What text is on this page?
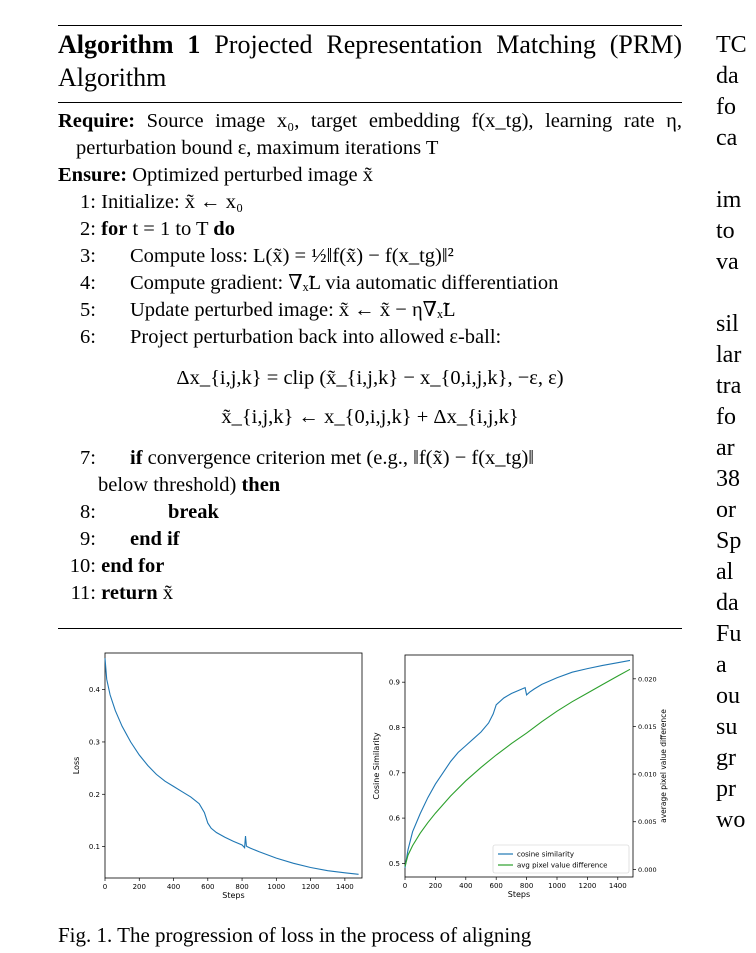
Algorithm 1 Projected Representation Matching (PRM) Algorithm
Require: Source image x₀, target embedding f(x_tg), learning rate η, perturbation bound ε, maximum iterations T
Ensure: Optimized perturbed image x̃
1: Initialize: x̃ ← x₀
2: for t = 1 to T do
3: Compute loss: L(x̃) = ½‖f(x̃) − f(x_tg)‖²
4: Compute gradient: ∇ₓ̃L via automatic differentiation
5: Update perturbed image: x̃ ← x̃ − η∇ₓ̃L
6: Project perturbation back into allowed ε-ball:
Δx_{i,j,k} = clip (x̃_{i,j,k} − x_{0,i,j,k}, −ε, ε)
x̃_{i,j,k} ← x_{0,i,j,k} + Δx_{i,j,k}
7: if convergence criterion met (e.g., ‖f(x̃) − f(x_tg)‖
below threshold) then
8:	break
9: end if
10: end for
11: return x̃
TC
da
fo
ca

im
to
va

sil
lar
tra
fo
ar
38
or
Sp
al
da
Fu
a
ou
su
gr
pr
wo
0	200	400	600	800	1000 1200 1400
0.1
0.2
0.3
0.4
Steps
Loss
0	200 400 600 800 1000 1200 1400
0.5
0.6
0.7
0.8
0.9
Steps
Cosine Similarity
0.000
0.005
0.010
0.015
0.020
average pixel value difference
cosine similarity
avg pixel value difference
Fig. 1. The progression of loss in the process of aligning
